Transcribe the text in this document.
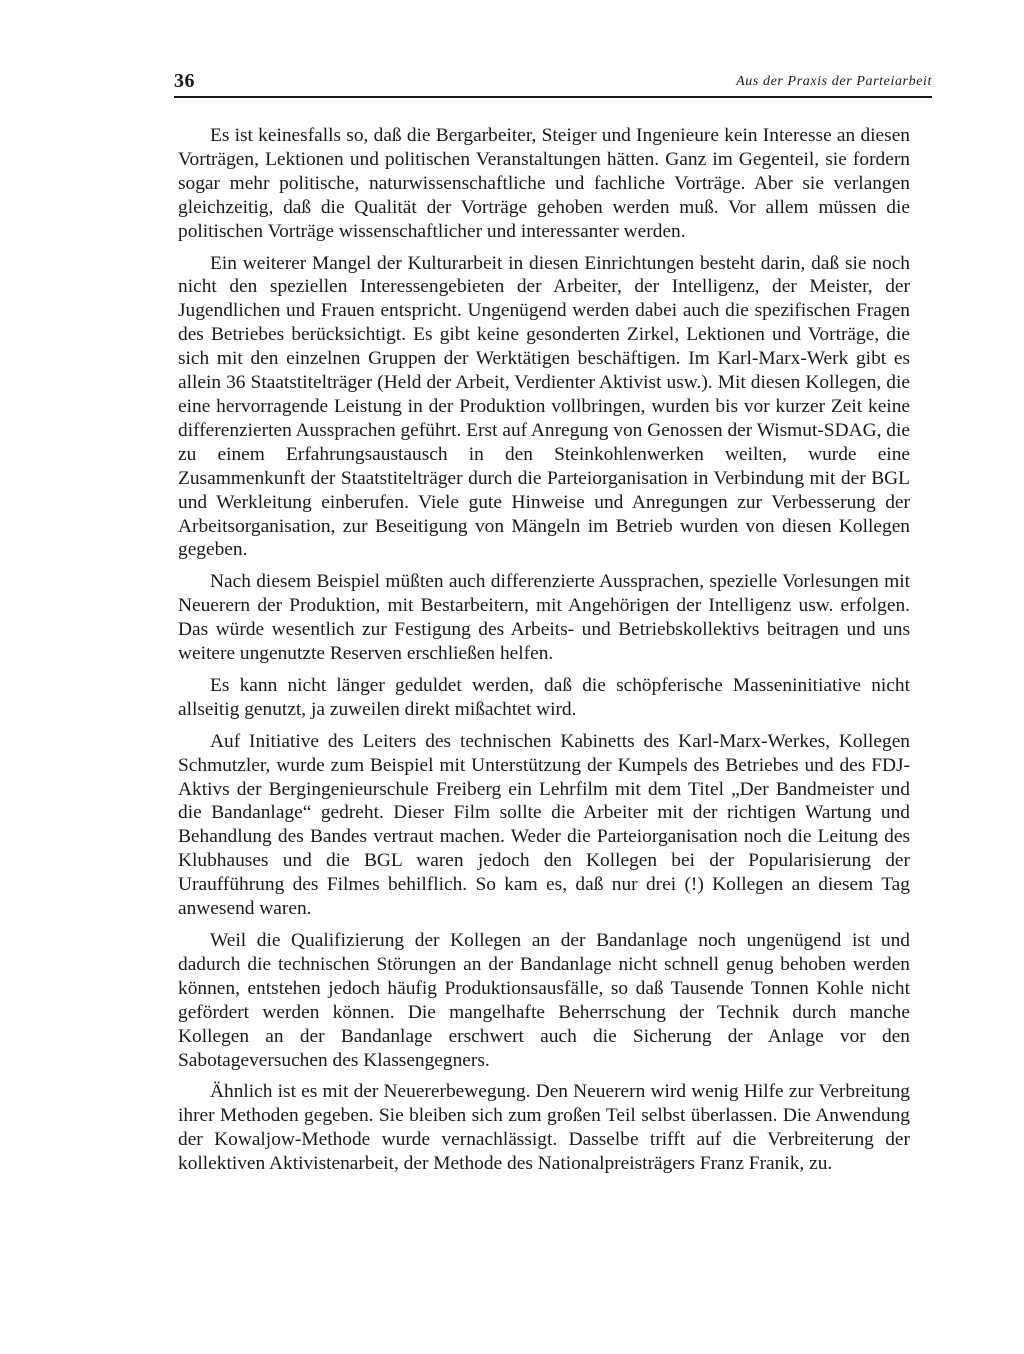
36	Aus der Praxis der Parteiarbeit

Es ist keinesfalls so, daß die Bergarbeiter, Steiger und Ingenieure kein Interesse an diesen Vorträgen, Lektionen und politischen Veranstaltungen hätten. Ganz im Gegenteil, sie fordern sogar mehr politische, naturwissenschaftliche und fachliche Vorträge. Aber sie verlangen gleichzeitig, daß die Qualität der Vorträge gehoben werden muß. Vor allem müssen die politischen Vorträge wissenschaftlicher und interessanter werden.

Ein weiterer Mangel der Kulturarbeit in diesen Einrichtungen besteht darin, daß sie noch nicht den speziellen Interessengebieten der Arbeiter, der Intelligenz, der Meister, der Jugendlichen und Frauen entspricht. Ungenügend werden dabei auch die spezifischen Fragen des Betriebes berücksichtigt. Es gibt keine gesonderten Zirkel, Lektionen und Vorträge, die sich mit den einzelnen Gruppen der Werktätigen beschäftigen. Im Karl-Marx-Werk gibt es allein 36 Staatstitelträger (Held der Arbeit, Verdienter Aktivist usw.). Mit diesen Kollegen, die eine hervorragende Leistung in der Produktion vollbringen, wurden bis vor kurzer Zeit keine differenzierten Aussprachen geführt. Erst auf Anregung von Genossen der Wismut-SDAG, die zu einem Erfahrungsaustausch in den Steinkohlenwerken weilten, wurde eine Zusammenkunft der Staatstitelträger durch die Parteiorganisation in Verbindung mit der BGL und Werkleitung einberufen. Viele gute Hinweise und Anregungen zur Verbesserung der Arbeitsorganisation, zur Beseitigung von Mängeln im Betrieb wurden von diesen Kollegen gegeben.

Nach diesem Beispiel müßten auch differenzierte Aussprachen, spezielle Vorlesungen mit Neuerern der Produktion, mit Bestarbeitern, mit Angehörigen der Intelligenz usw. erfolgen. Das würde wesentlich zur Festigung des Arbeits- und Betriebskollektivs beitragen und uns weitere ungenutzte Reserven erschließen helfen.

Es kann nicht länger geduldet werden, daß die schöpferische Masseninitiative nicht allseitig genutzt, ja zuweilen direkt mißachtet wird.

Auf Initiative des Leiters des technischen Kabinetts des Karl-Marx-Werkes, Kollegen Schmutzler, wurde zum Beispiel mit Unterstützung der Kumpels des Betriebes und des FDJ-Aktivs der Bergingenieurschule Freiberg ein Lehrfilm mit dem Titel „Der Bandmeister und die Bandanlage“ gedreht. Dieser Film sollte die Arbeiter mit der richtigen Wartung und Behandlung des Bandes vertraut machen. Weder die Parteiorganisation noch die Leitung des Klubhauses und die BGL waren jedoch den Kollegen bei der Popularisierung der Uraufführung des Filmes behilflich. So kam es, daß nur drei (!) Kollegen an diesem Tag anwesend waren.

Weil die Qualifizierung der Kollegen an der Bandanlage noch ungenügend ist und dadurch die technischen Störungen an der Bandanlage nicht schnell genug behoben werden können, entstehen jedoch häufig Produktionsausfälle, so daß Tausende Tonnen Kohle nicht gefördert werden können. Die mangelhafte Beherrschung der Technik durch manche Kollegen an der Bandanlage erschwert auch die Sicherung der Anlage vor den Sabotageversuchen des Klassengegners.

Ähnlich ist es mit der Neuererbewegung. Den Neuerern wird wenig Hilfe zur Verbreitung ihrer Methoden gegeben. Sie bleiben sich zum großen Teil selbst überlassen. Die Anwendung der Kowaljow-Methode wurde vernachlässigt. Dasselbe trifft auf die Verbreiterung der kollektiven Aktivistenarbeit, der Methode des Nationalpreisträgers Franz Franik, zu.
